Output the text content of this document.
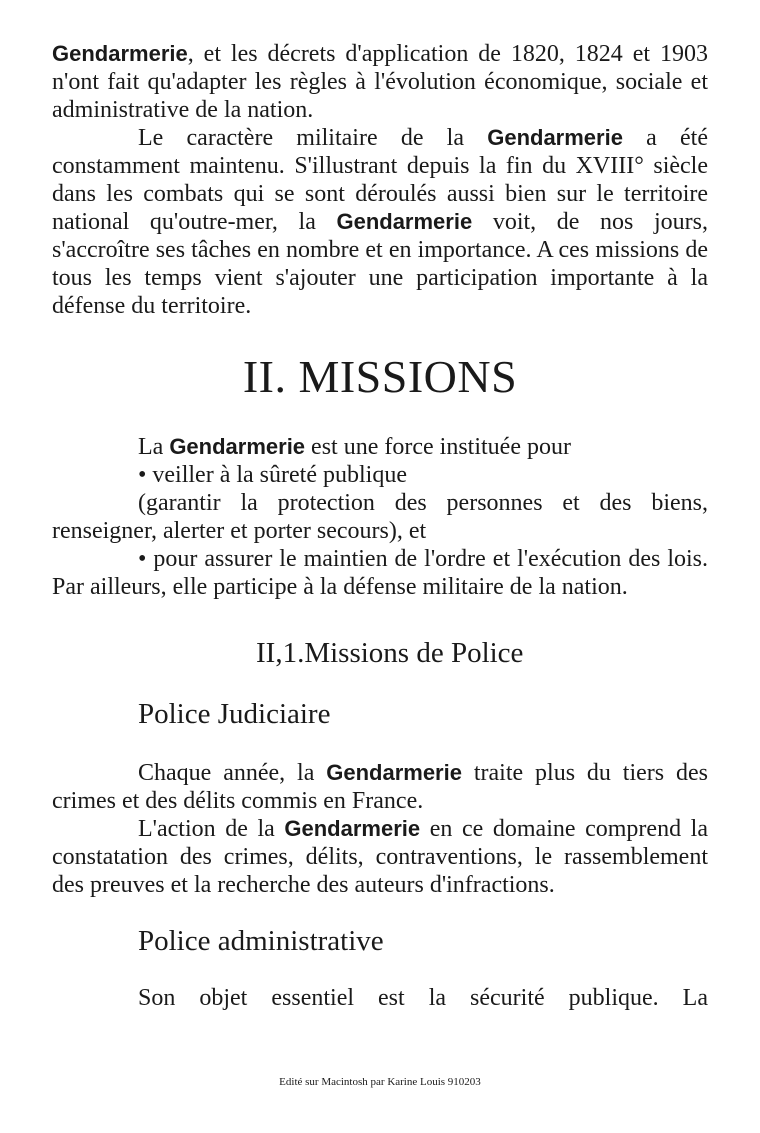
Gendarmerie, et les décrets d'application de 1820, 1824 et 1903 n'ont fait qu'adapter les règles à l'évolution économique, sociale et administrative de la nation.

Le caractère militaire de la Gendarmerie a été constamment maintenu. S'illustrant depuis la fin du XVIII° siècle dans les combats qui se sont déroulés aussi bien sur le territoire national qu'outre-mer, la Gendarmerie voit, de nos jours, s'accroître ses tâches en nombre et en importance. A ces missions de tous les temps vient s'ajouter une participation importante à la défense du territoire.

II. MISSIONS

La Gendarmerie est une force instituée pour

• veiller à la sûreté publique

(garantir la protection des personnes et des biens, renseigner, alerter et porter secours), et

• pour assurer le maintien de l'ordre et l'exécution des lois. Par ailleurs, elle participe à la défense militaire de la nation.

II,1.Missions de Police
Police Judiciaire

Chaque année, la Gendarmerie traite plus du tiers des crimes et des délits commis en France.

L'action de la Gendarmerie en ce domaine comprend la constatation des crimes, délits, contraventions, le rassemblement des preuves et la recherche des auteurs d'infractions.

Police administrative

Son objet essentiel est la sécurité publique. La

Edité sur Macintosh par Karine Louis 910203
